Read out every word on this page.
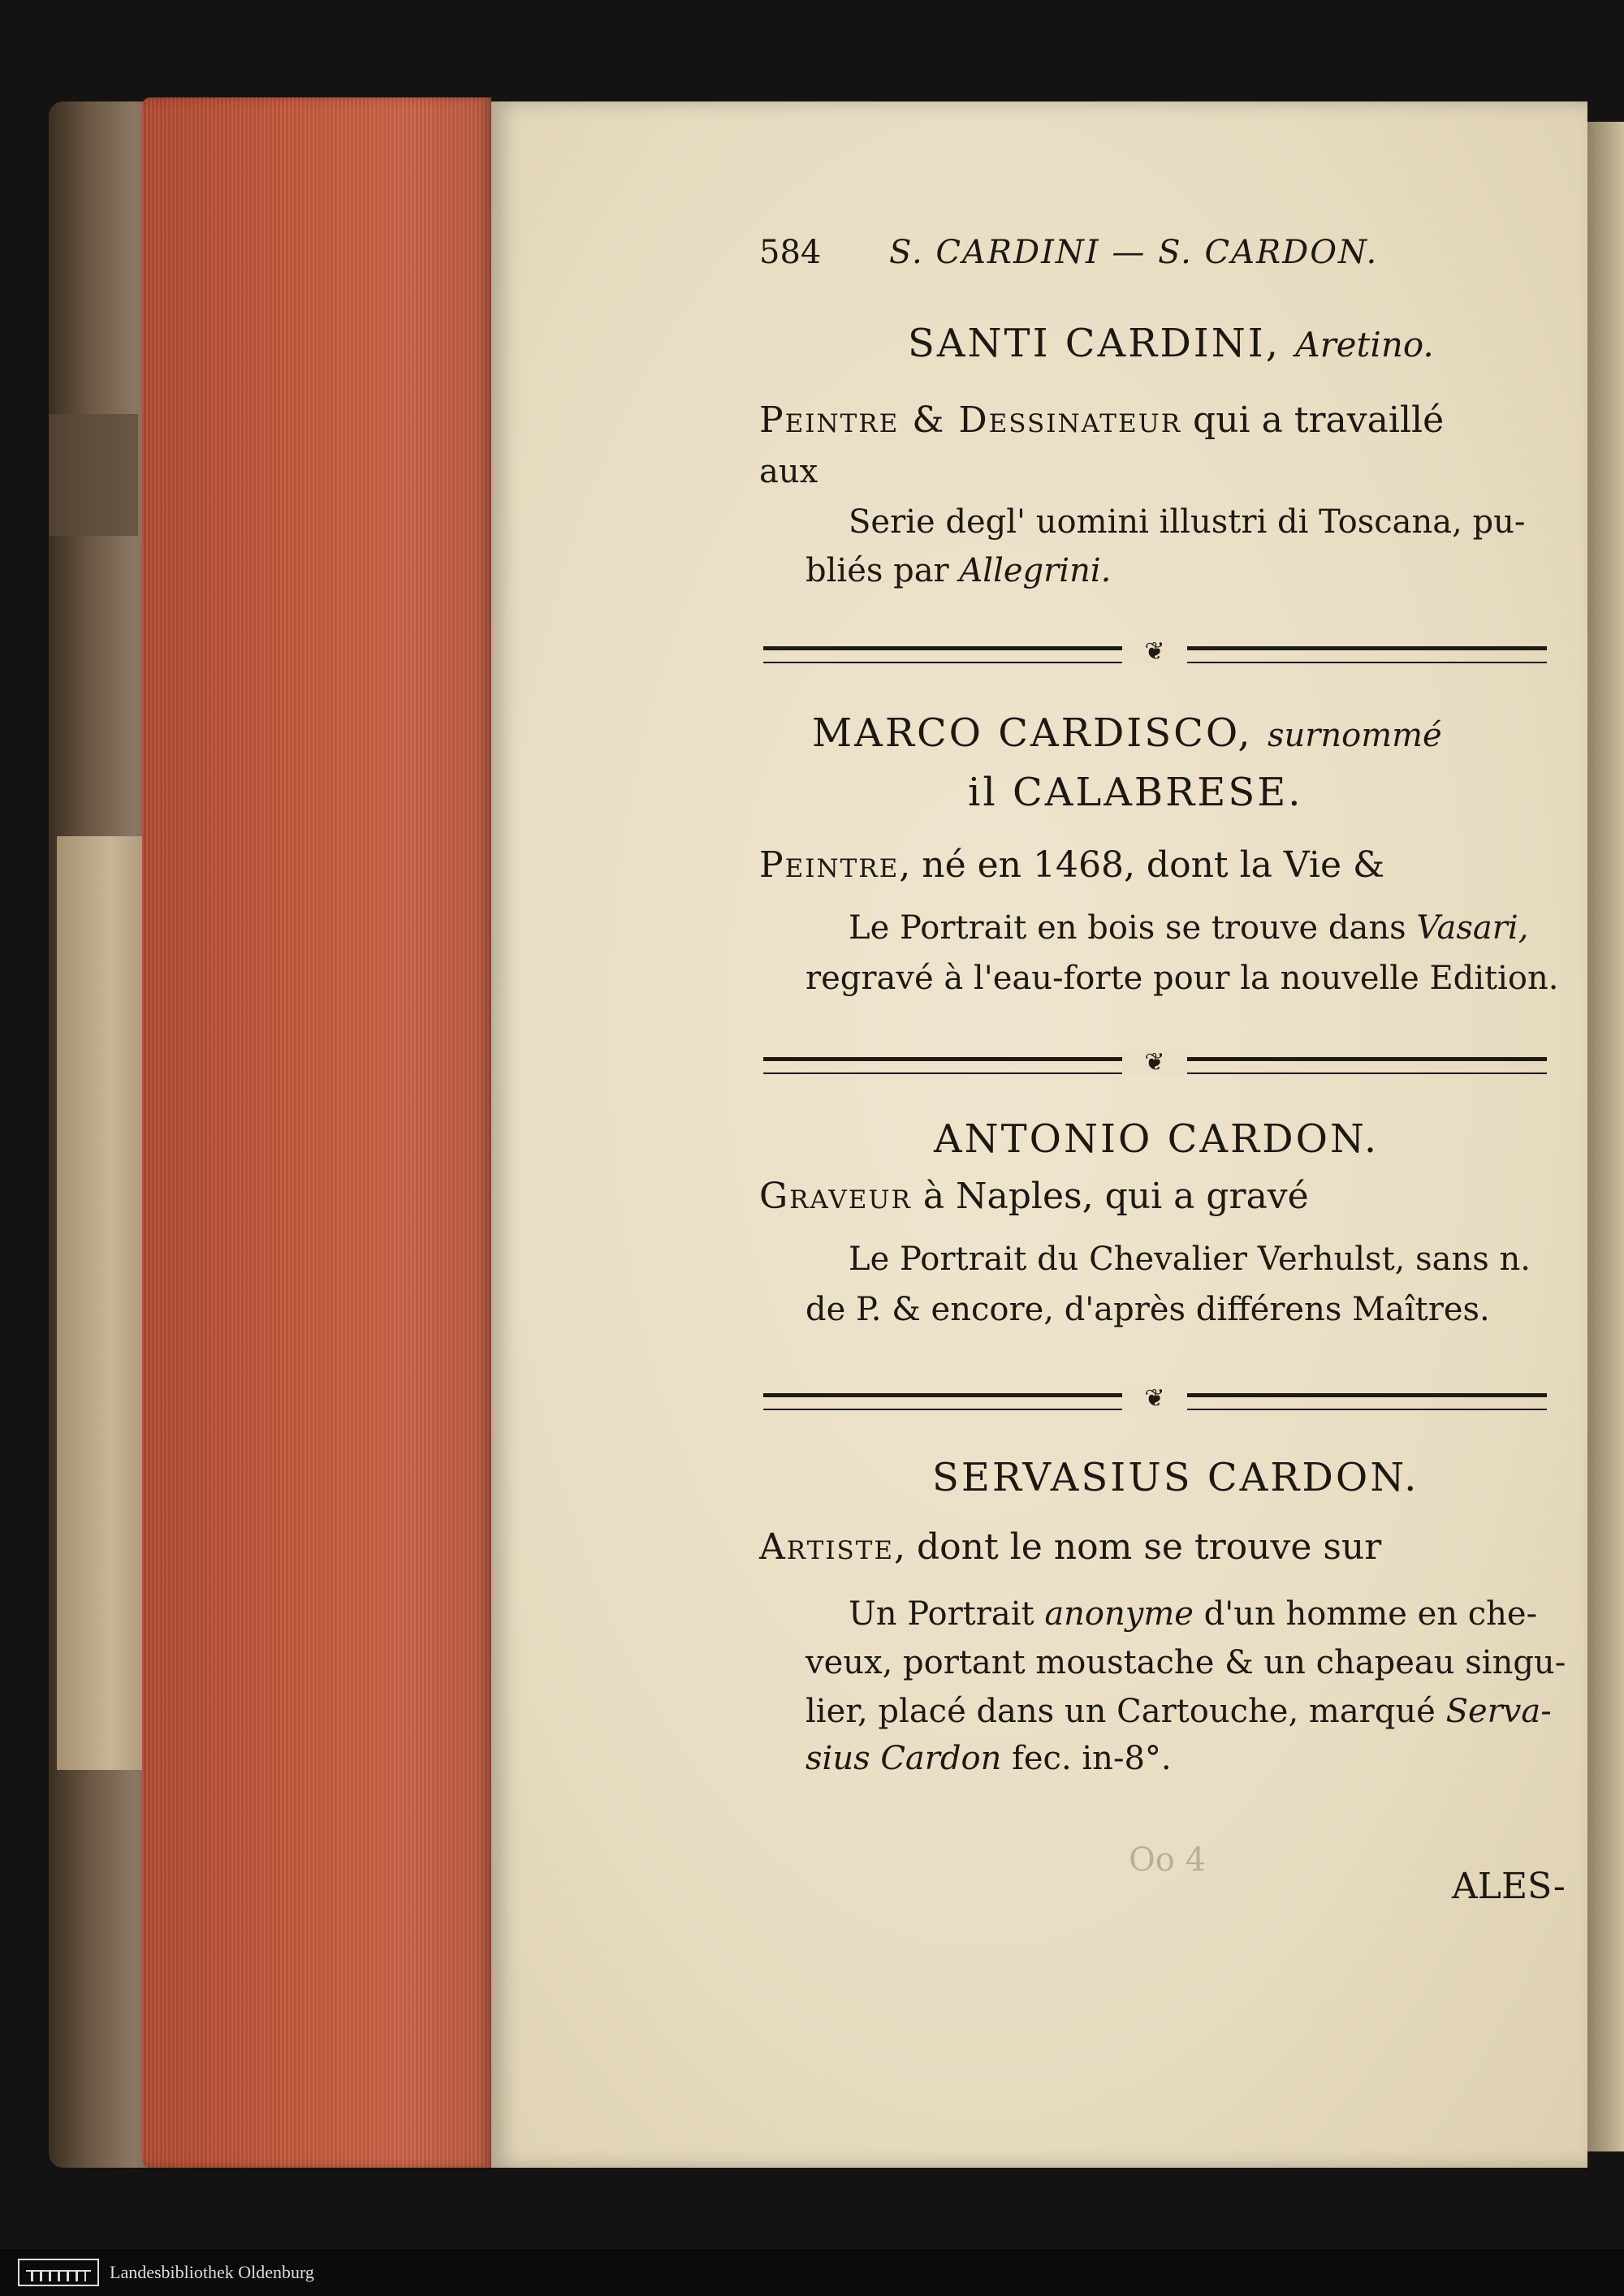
584 S. CARDINI — S. CARDON.
SANTI CARDINI, Aretino.
Peintre & Dessinateur qui a travaillé
aux
Serie degl' uomini illustri di Toscana, pu-
bliés par Allegrini.
❦
MARCO CARDISCO, surnommé
il CALABRESE.
Peintre, né en 1468, dont la Vie &
Le Portrait en bois se trouve dans Vasari,
regravé à l'eau-forte pour la nouvelle Edition.
❦
ANTONIO CARDON.
Graveur à Naples, qui a gravé
Le Portrait du Chevalier Verhulst, sans n.
de P. & encore, d'après différens Maîtres.
❦
SERVASIUS CARDON.
Artiste, dont le nom se trouve sur
Un Portrait anonyme d'un homme en che-
veux, portant moustache & un chapeau singu-
lier, placé dans un Cartouche, marqué Serva-
sius Cardon fec. in-8°.
Oo 4
ALES-
Landesbibliothek Oldenburg
